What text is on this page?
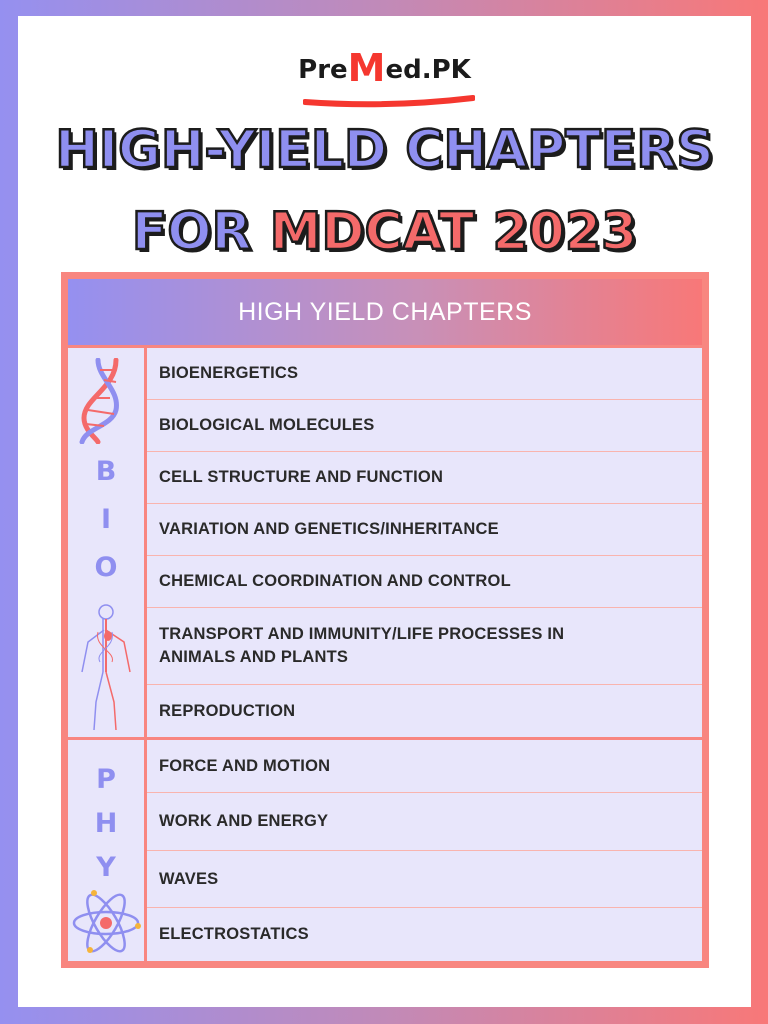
PreMed.PK
HIGH-YIELD CHAPTERS
FOR MDCAT 2023
HIGH YIELD CHAPTERS
B
I
O
P
H
Y
BIOENERGETICS
BIOLOGICAL MOLECULES
CELL STRUCTURE AND FUNCTION
VARIATION AND GENETICS/INHERITANCE
CHEMICAL COORDINATION AND CONTROL
TRANSPORT AND IMMUNITY/LIFE PROCESSES IN ANIMALS AND PLANTS
REPRODUCTION
FORCE AND MOTION
WORK AND ENERGY
WAVES
ELECTROSTATICS
